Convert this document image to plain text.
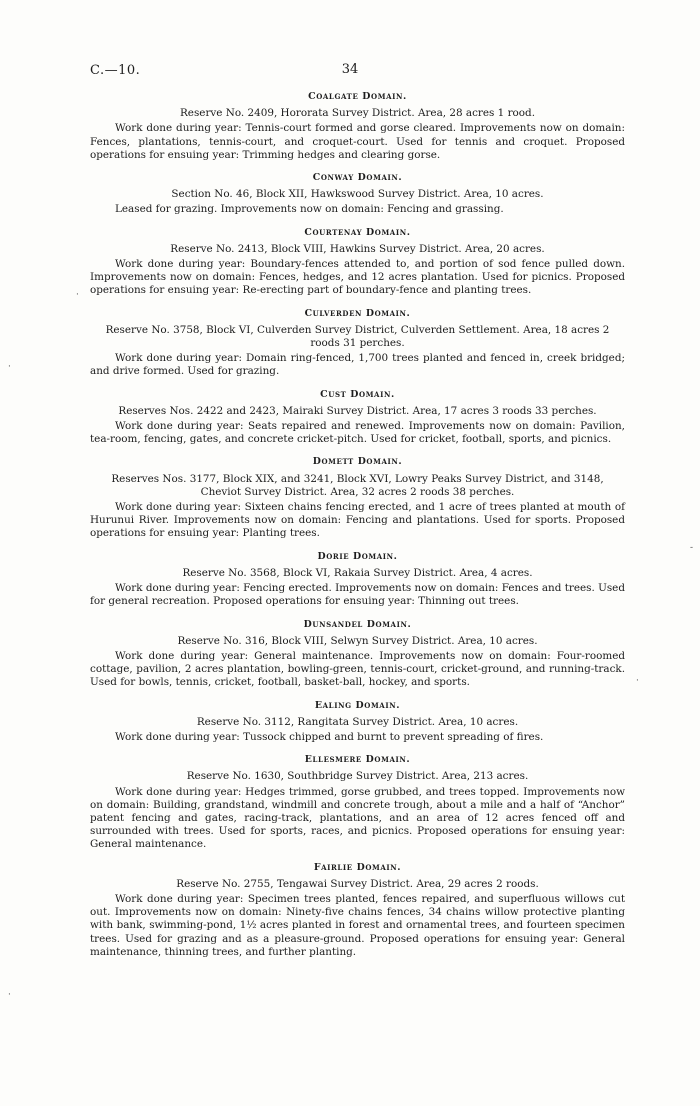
C.—10.	34
Coalgate Domain.
Reserve No. 2409, Hororata Survey District. Area, 28 acres 1 rood.
Work done during year: Tennis-court formed and gorse cleared. Improvements now on domain: Fences, plantations, tennis-court, and croquet-court. Used for tennis and croquet. Proposed operations for ensuing year: Trimming hedges and clearing gorse.
Conway Domain.
Section No. 46, Block XII, Hawkswood Survey District. Area, 10 acres.
Leased for grazing. Improvements now on domain: Fencing and grassing.
Courtenay Domain.
Reserve No. 2413, Block VIII, Hawkins Survey District. Area, 20 acres.
Work done during year: Boundary-fences attended to, and portion of sod fence pulled down. Improvements now on domain: Fences, hedges, and 12 acres plantation. Used for picnics. Proposed operations for ensuing year: Re-erecting part of boundary-fence and planting trees.
Culverden Domain.
Reserve No. 3758, Block VI, Culverden Survey District, Culverden Settlement. Area, 18 acres 2 roods 31 perches.
Work done during year: Domain ring-fenced, 1,700 trees planted and fenced in, creek bridged; and drive formed. Used for grazing.
Cust Domain.
Reserves Nos. 2422 and 2423, Mairaki Survey District. Area, 17 acres 3 roods 33 perches.
Work done during year: Seats repaired and renewed. Improvements now on domain: Pavilion, tea-room, fencing, gates, and concrete cricket-pitch. Used for cricket, football, sports, and picnics.
Domett Domain.
Reserves Nos. 3177, Block XIX, and 3241, Block XVI, Lowry Peaks Survey District, and 3148, Cheviot Survey District. Area, 32 acres 2 roods 38 perches.
Work done during year: Sixteen chains fencing erected, and 1 acre of trees planted at mouth of Hurunui River. Improvements now on domain: Fencing and plantations. Used for sports. Proposed operations for ensuing year: Planting trees.
Dorie Domain.
Reserve No. 3568, Block VI, Rakaia Survey District. Area, 4 acres.
Work done during year: Fencing erected. Improvements now on domain: Fences and trees. Used for general recreation. Proposed operations for ensuing year: Thinning out trees.
Dunsandel Domain.
Reserve No. 316, Block VIII, Selwyn Survey District. Area, 10 acres.
Work done during year: General maintenance. Improvements now on domain: Four-roomed cottage, pavilion, 2 acres plantation, bowling-green, tennis-court, cricket-ground, and running-track. Used for bowls, tennis, cricket, football, basket-ball, hockey, and sports.
Ealing Domain.
Reserve No. 3112, Rangitata Survey District. Area, 10 acres.
Work done during year: Tussock chipped and burnt to prevent spreading of fires.
Ellesmere Domain.
Reserve No. 1630, Southbridge Survey District. Area, 213 acres.
Work done during year: Hedges trimmed, gorse grubbed, and trees topped. Improvements now on domain: Building, grandstand, windmill and concrete trough, about a mile and a half of “Anchor” patent fencing and gates, racing-track, plantations, and an area of 12 acres fenced off and surrounded with trees. Used for sports, races, and picnics. Proposed operations for ensuing year: General maintenance.
Fairlie Domain.
Reserve No. 2755, Tengawai Survey District. Area, 29 acres 2 roods.
Work done during year: Specimen trees planted, fences repaired, and superfluous willows cut out. Improvements now on domain: Ninety-five chains fences, 34 chains willow protective planting with bank, swimming-pond, 1½ acres planted in forest and ornamental trees, and fourteen specimen trees. Used for grazing and as a pleasure-ground. Proposed operations for ensuing year: General maintenance, thinning trees, and further planting.
·
·
-
·
·
